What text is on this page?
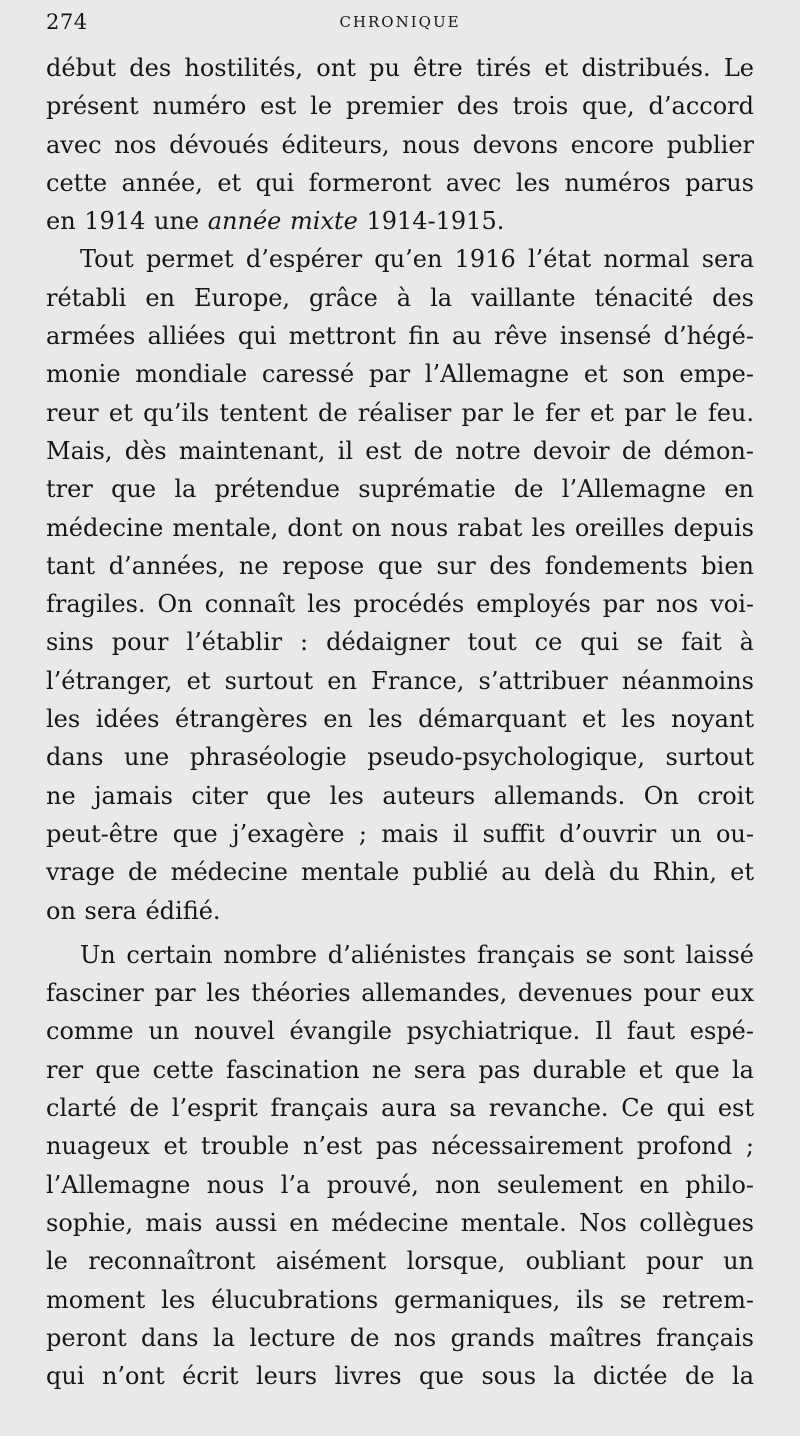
274	CHRONIQUE
début des hostilités, ont pu être tirés et distribués. Le
présent numéro est le premier des trois que, d’accord
avec nos dévoués éditeurs, nous devons encore publier
cette année, et qui formeront avec les numéros parus
en 1914 une année mixte 1914-1915.
Tout permet d’espérer qu’en 1916 l’état normal sera
rétabli en Europe, grâce à la vaillante ténacité des
armées alliées qui mettront fin au rêve insensé d’hégé-
monie mondiale caressé par l’Allemagne et son empe-
reur et qu’ils tentent de réaliser par le fer et par le feu.
Mais, dès maintenant, il est de notre devoir de démon-
trer que la prétendue suprématie de l’Allemagne en
médecine mentale, dont on nous rabat les oreilles depuis
tant d’années, ne repose que sur des fondements bien
fragiles. On connaît les procédés employés par nos voi-
sins pour l’établir : dédaigner tout ce qui se fait à
l’étranger, et surtout en France, s’attribuer néanmoins
les idées étrangères en les démarquant et les noyant
dans une phraséologie pseudo-psychologique, surtout
ne jamais citer que les auteurs allemands. On croit
peut-être que j’exagère ; mais il suffit d’ouvrir un ou-
vrage de médecine mentale publié au delà du Rhin, et
on sera édifié.
Un certain nombre d’aliénistes français se sont laissé
fasciner par les théories allemandes, devenues pour eux
comme un nouvel évangile psychiatrique. Il faut espé-
rer que cette fascination ne sera pas durable et que la
clarté de l’esprit français aura sa revanche. Ce qui est
nuageux et trouble n’est pas nécessairement profond ;
l’Allemagne nous l’a prouvé, non seulement en philo-
sophie, mais aussi en médecine mentale. Nos collègues
le reconnaîtront aisément lorsque, oubliant pour un
moment les élucubrations germaniques, ils se retrem-
peront dans la lecture de nos grands maîtres français
qui n’ont écrit leurs livres que sous la dictée de la
